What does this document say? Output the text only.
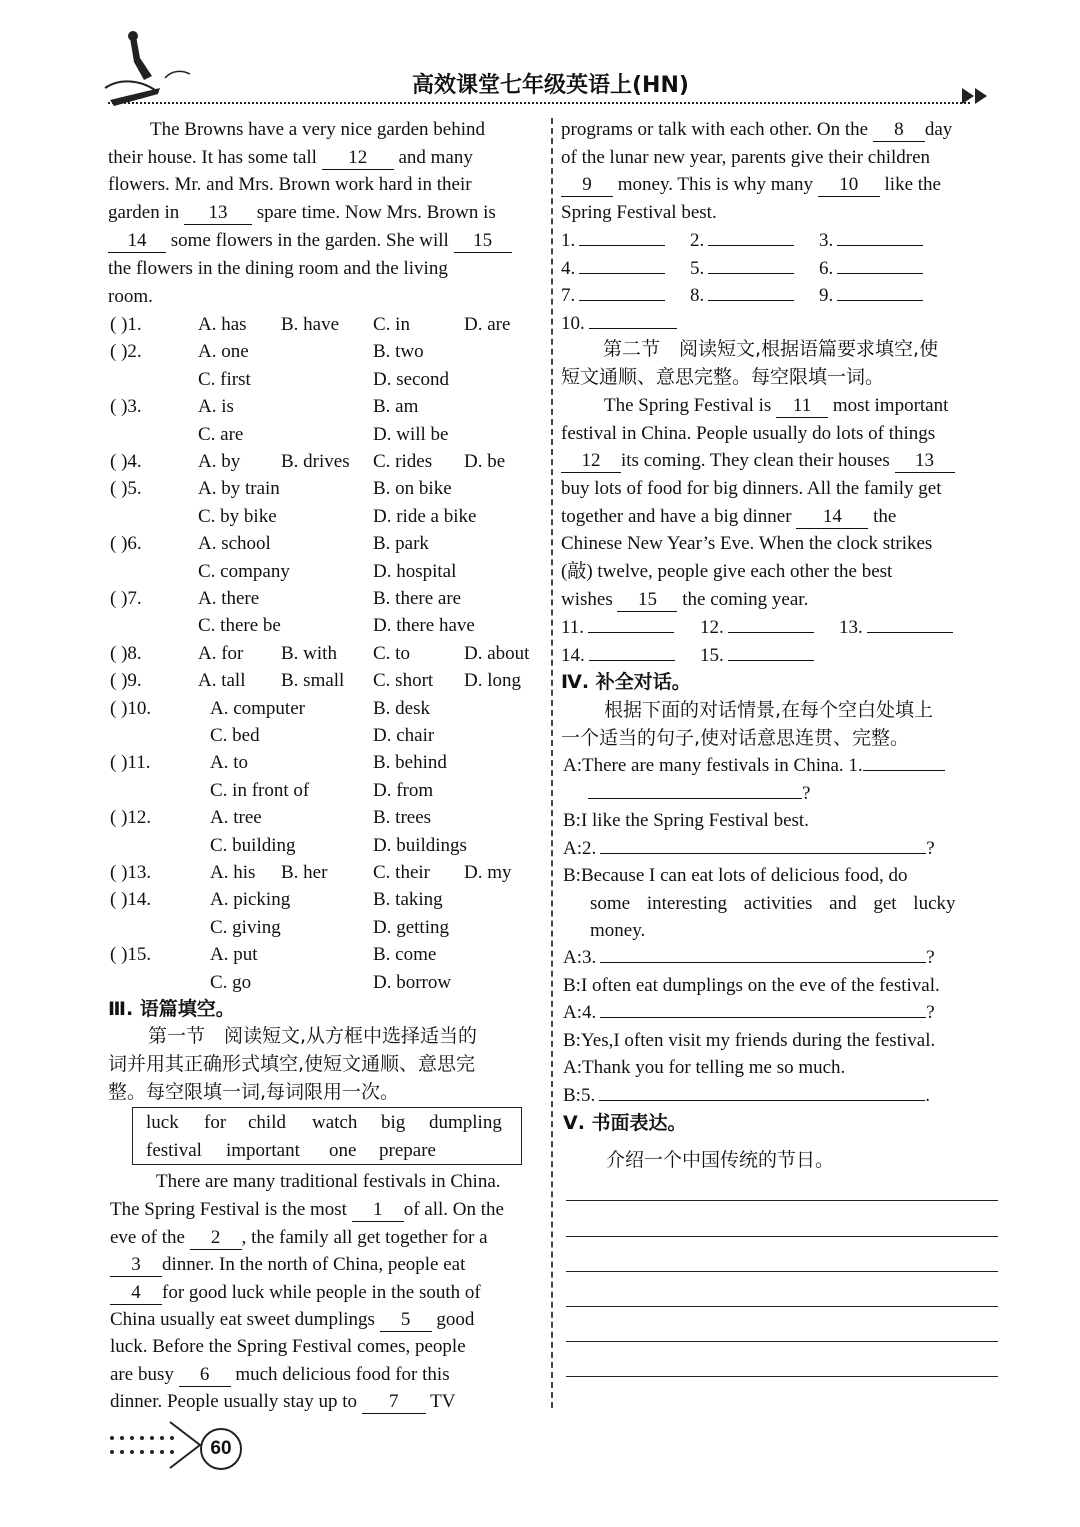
高效课堂七年级英语上(HN)
The Browns have a very nice garden behind
their house. It has some tall 12 and many
flowers. Mr. and Mrs. Brown work hard in their
garden in 13 spare time. Now Mrs. Brown is
14 some flowers in the garden. She will 15
the flowers in the dining room and the living
room.
( )1.	A. has B. have C. in	D. are
( )2.	A. one	B. two
C. first	D. second
( )3.	A. is	B. am
C. are	D. will be
( )4.	A. by B. drives C. rides D. be
( )5.	A. by train	B. on bike
C. by bike	D. ride a bike
( )6.	A. school	B. park
C. company	D. hospital
( )7.	A. there	B. there are
C. there be	D. there have
( )8.	A. for B. with C. to	D. about
( )9.	A. tall B. small C. short D. long
( )10.	A. computer	B. desk
C. bed	D. chair
( )11.	A. to	B. behind
C. in front of	D. from
( )12.	A. tree	B. trees
C. building	D. buildings
( )13.	A. his B. her C. their D. my
( )14.	A. picking	B. taking
C. giving	D. getting
( )15.	A. put	B. come
C. go	D. borrow
Ⅲ. 语篇填空。
第一节　阅读短文,从方框中选择适当的
词并用其正确形式填空,使短文通顺、意思完
整。每空限填一词,每词限用一次。
luck for child watch big dumpling
festival important one prepare
There are many traditional festivals in China.
The Spring Festival is the most 1 of all. On the
eve of the 2 , the family all get together for a
3 dinner. In the north of China, people eat
4 for good luck while people in the south of
China usually eat sweet dumplings 5 good
luck. Before the Spring Festival comes, people
are busy 6 much delicious food for this
dinner. People usually stay up to 7 TV
programs or talk with each other. On the 8 day
of the lunar new year, parents give their children
9 money. This is why many 10 like the
Spring Festival best.
1.	2.	3.
4.	5.	6.
7.	8.	9.
10.
第二节　阅读短文,根据语篇要求填空,使
短文通顺、意思完整。每空限填一词。
The Spring Festival is 11 most important
festival in China. People usually do lots of things
12 its coming. They clean their houses 13
buy lots of food for big dinners. All the family get
together and have a big dinner 14 the
Chinese New Year’s Eve. When the clock strikes
(敲) twelve, people give each other the best
wishes 15 the coming year.
11.	12.	13.
14.	15.
Ⅳ. 补全对话。
根据下面的对话情景,在每个空白处填上
一个适当的句子,使对话意思连贯、完整。
A:There are many festivals in China. 1.
?
B:I like the Spring Festival best.
A:2.	?
B:Because I can eat lots of delicious food, do
some interesting activities and get lucky
money.
A:3.	?
B:I often eat dumplings on the eve of the festival.
A:4.	?
B:Yes,I often visit my friends during the festival.
A:Thank you for telling me so much.
B:5.	.
Ⅴ. 书面表达。
介绍一个中国传统的节日。
60
